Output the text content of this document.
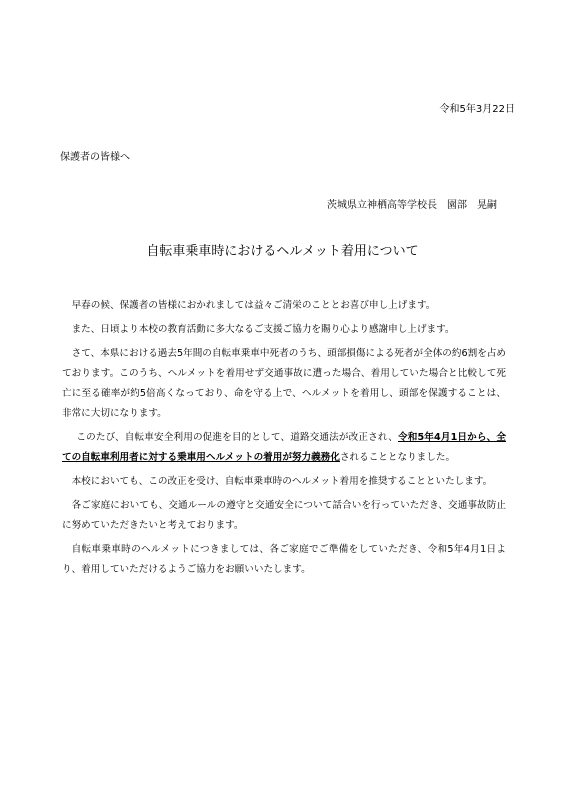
令和5年3月22日
保護者の皆様へ
茨城県立神栖高等学校長　園部　晃嗣
自転車乗車時におけるヘルメット着用について

早春の候、保護者の皆様におかれましては益々ご清栄のこととお喜び申し上げます。

また、日頃より本校の教育活動に多大なるご支援ご協力を賜り心より感謝申し上げます。

さて、本県における過去5年間の自転車乗車中死者のうち、頭部損傷による死者が全体の約6割を占めております。このうち、ヘルメットを着用せず交通事故に遭った場合、着用していた場合と比較して死亡に至る確率が約5倍高くなっており、命を守る上で、ヘルメットを着用し、頭部を保護することは、非常に大切になります。

このたび、自転車安全利用の促進を目的として、道路交通法が改正され、令和5年4月1日から、全ての自転車利用者に対する乗車用ヘルメットの着用が努力義務化されることとなりました。

本校においても、この改正を受け、自転車乗車時のヘルメット着用を推奨することといたします。

各ご家庭においても、交通ルールの遵守と交通安全について話合いを行っていただき、交通事故防止に努めていただきたいと考えております。

自転車乗車時のヘルメットにつきましては、各ご家庭でご準備をしていただき、令和5年4月1日より、着用していただけるようご協力をお願いいたします。
